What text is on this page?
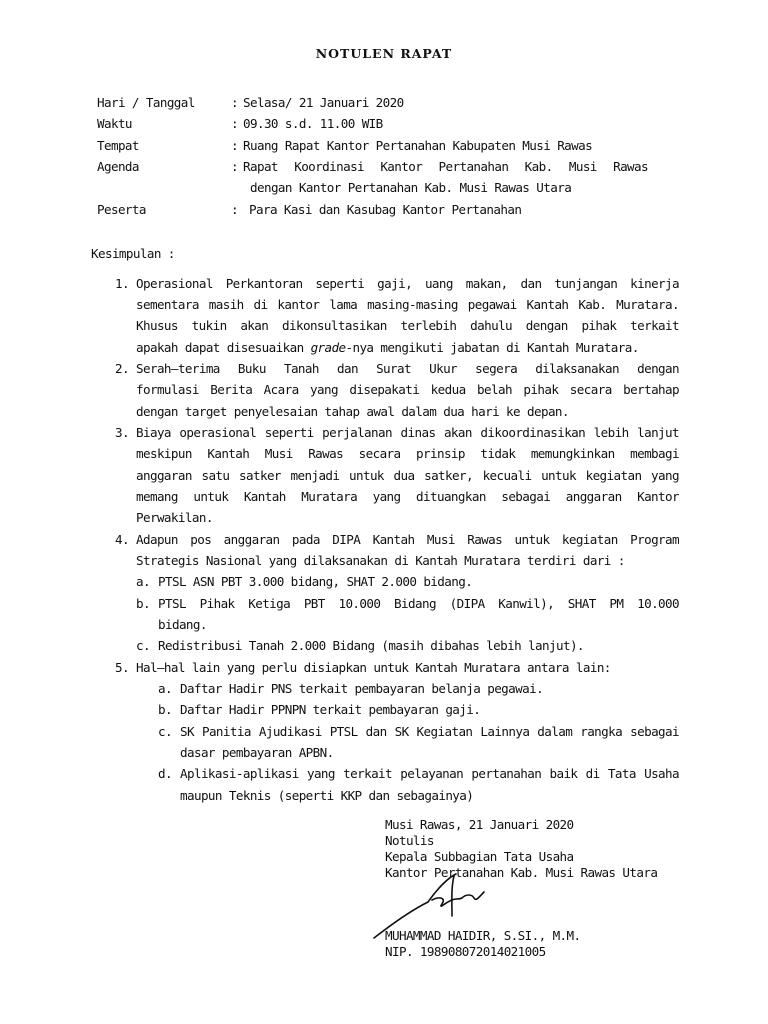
NOTULEN RAPAT
Hari / Tanggal	: Selasa/ 21 Januari 2020
Waktu	: 09.30 s.d. 11.00 WIB
Tempat	: Ruang Rapat Kantor Pertanahan Kabupaten Musi Rawas
Agenda	: Rapat Koordinasi Kantor Pertanahan Kab. Musi Rawas
dengan Kantor Pertanahan Kab. Musi Rawas Utara
Peserta	: Para Kasi dan Kasubag Kantor Pertanahan
Kesimpulan :
1. Operasional Perkantoran seperti gaji, uang makan, dan tunjangan kinerja
sementara masih di kantor lama masing-masing pegawai Kantah Kab. Muratara.
Khusus tukin akan dikonsultasikan terlebih dahulu dengan pihak terkait
apakah dapat disesuaikan grade-nya mengikuti jabatan di Kantah Muratara.
2. Serah–terima Buku Tanah dan Surat Ukur segera dilaksanakan dengan
formulasi Berita Acara yang disepakati kedua belah pihak secara bertahap
dengan target penyelesaian tahap awal dalam dua hari ke depan.
3. Biaya operasional seperti perjalanan dinas akan dikoordinasikan lebih lanjut
meskipun Kantah Musi Rawas secara prinsip tidak memungkinkan membagi
anggaran satu satker menjadi untuk dua satker, kecuali untuk kegiatan yang
memang untuk Kantah Muratara yang dituangkan sebagai anggaran Kantor
Perwakilan.
4. Adapun pos anggaran pada DIPA Kantah Musi Rawas untuk kegiatan Program
Strategis Nasional yang dilaksanakan di Kantah Muratara terdiri dari :
a. PTSL ASN PBT 3.000 bidang, SHAT 2.000 bidang.
b. PTSL Pihak Ketiga PBT 10.000 Bidang (DIPA Kanwil), SHAT PM 10.000
bidang.
c. Redistribusi Tanah 2.000 Bidang (masih dibahas lebih lanjut).
5. Hal–hal lain yang perlu disiapkan untuk Kantah Muratara antara lain:
a. Daftar Hadir PNS terkait pembayaran belanja pegawai.
b. Daftar Hadir PPNPN terkait pembayaran gaji.
c. SK Panitia Ajudikasi PTSL dan SK Kegiatan Lainnya dalam rangka sebagai
dasar pembayaran APBN.
d. Aplikasi-aplikasi yang terkait pelayanan pertanahan baik di Tata Usaha
maupun Teknis (seperti KKP dan sebagainya)
Musi Rawas, 21 Januari 2020
Notulis
Kepala Subbagian Tata Usaha
Kantor Pertanahan Kab. Musi Rawas Utara
MUHAMMAD HAIDIR, S.SI., M.M.
NIP. 198908072014021005
